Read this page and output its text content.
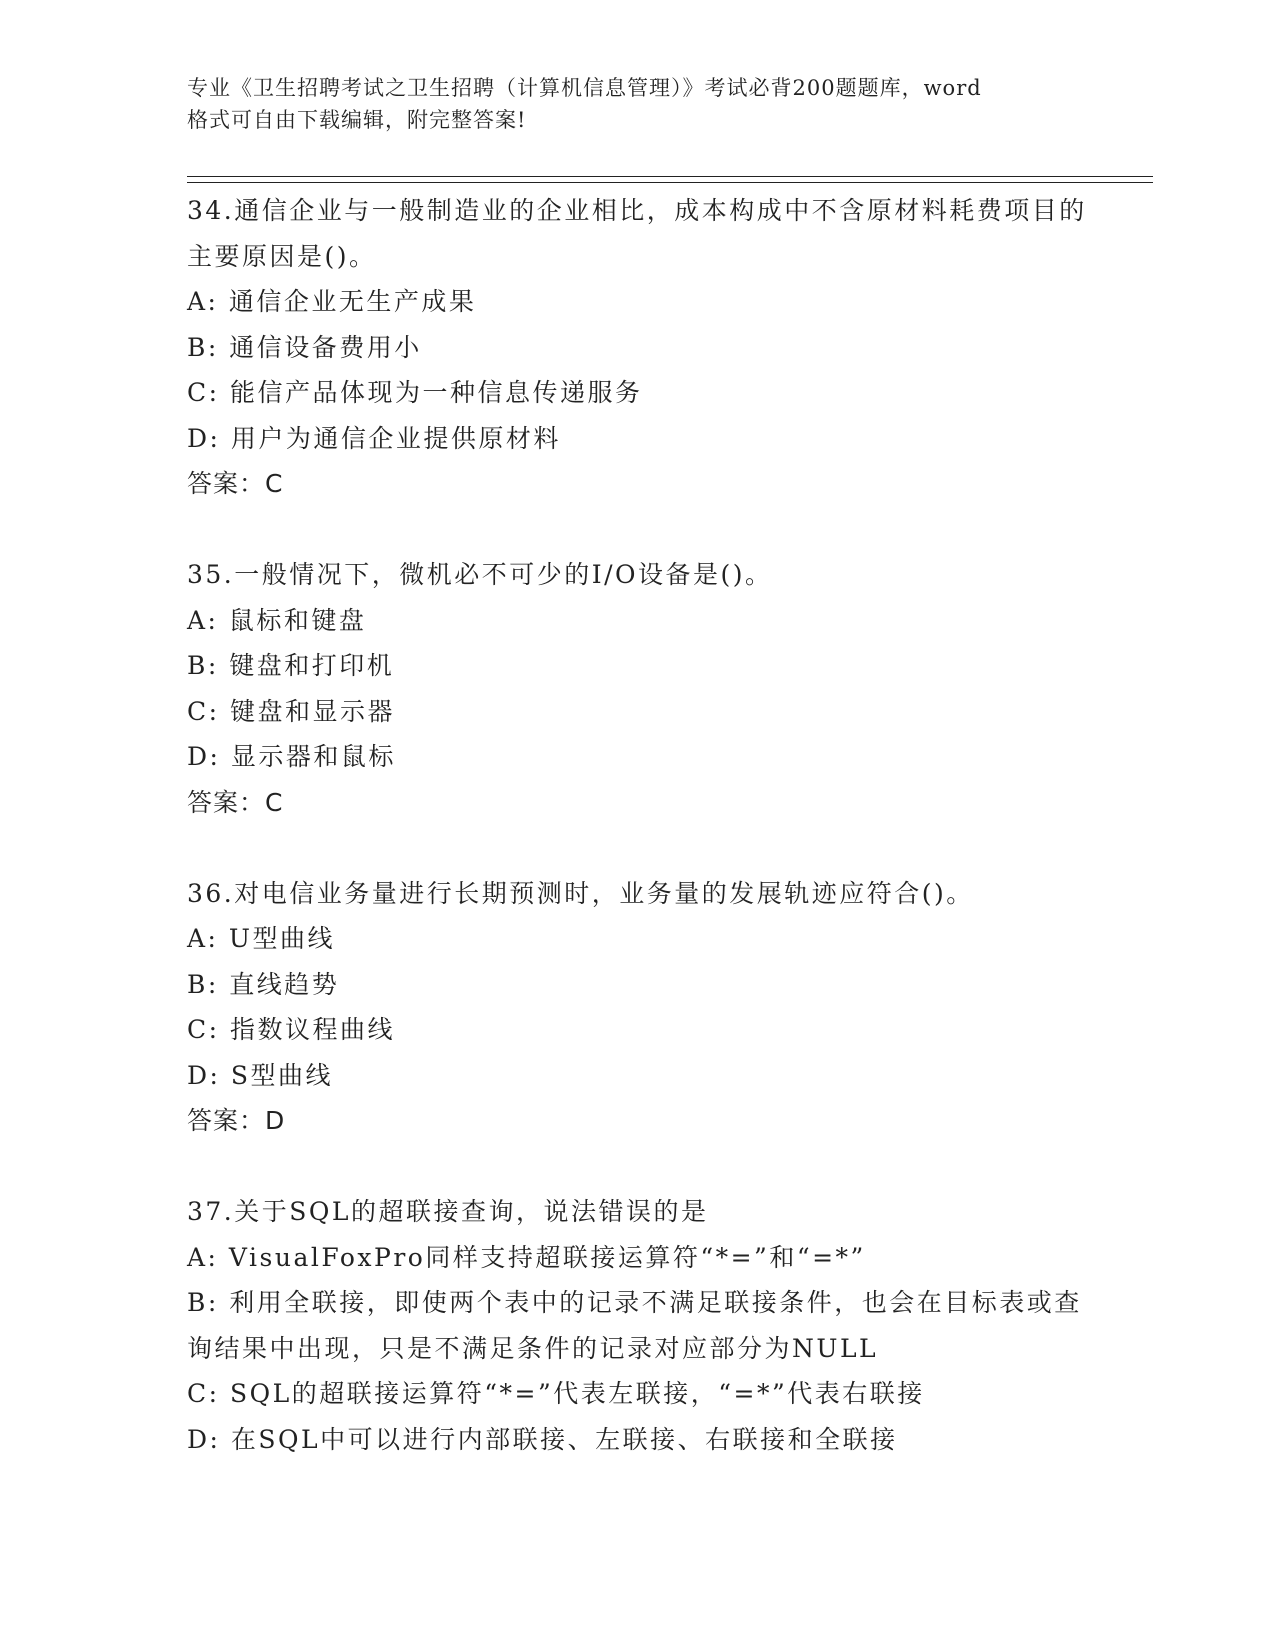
专业《卫生招聘考试之卫生招聘（计算机信息管理）》考试必背200题题库，word
格式可自由下载编辑，附完整答案!

34.通信企业与一般制造业的企业相比，成本构成中不含原材料耗费项目的主要原因是()。

A: 通信企业无生产成果

B: 通信设备费用小

C: 能信产品体现为一种信息传递服务

D: 用户为通信企业提供原材料

答案：C

35.一般情况下，微机必不可少的I/O设备是()。

A: 鼠标和键盘

B: 键盘和打印机

C: 键盘和显示器

D: 显示器和鼠标

答案：C

36.对电信业务量进行长期预测时，业务量的发展轨迹应符合()。

A: U型曲线

B: 直线趋势

C: 指数议程曲线

D: S型曲线

答案：D

37.关于SQL的超联接查询，说法错误的是

A: VisualFoxPro同样支持超联接运算符“*=”和“=*”

B: 利用全联接，即使两个表中的记录不满足联接条件，也会在目标表或查询结果中出现，只是不满足条件的记录对应部分为NULL

C: SQL的超联接运算符“*=”代表左联接，“=*”代表右联接

D: 在SQL中可以进行内部联接、左联接、右联接和全联接
